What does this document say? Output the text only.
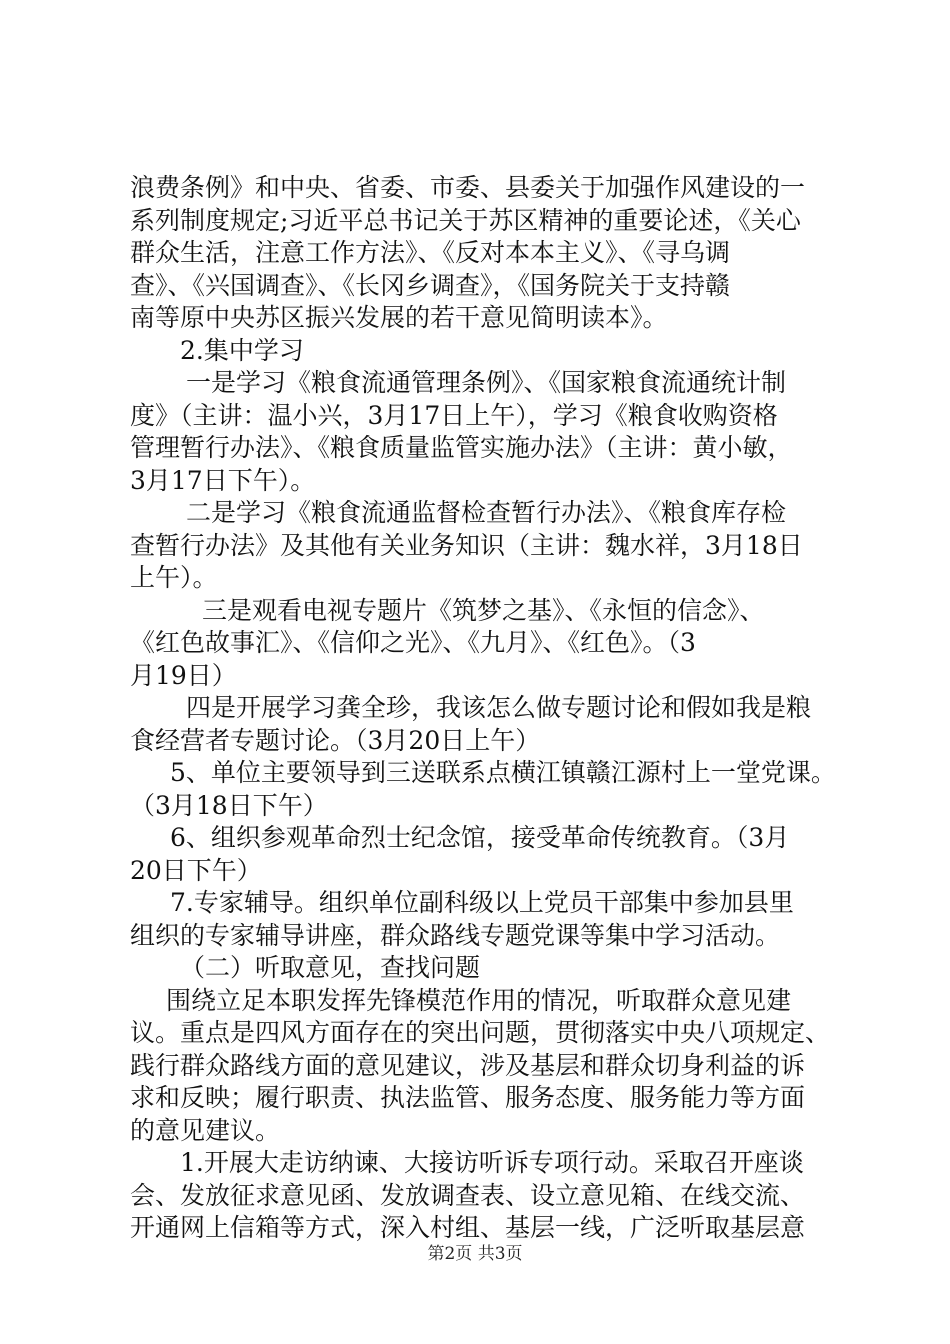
浪费条例》和中央、省委、市委、县委关于加强作风建设的一
系列制度规定;习近平总书记关于苏区精神的重要论述，《关心
群众生活，注意工作方法》、《反对本本主义》、《寻乌调
查》、《兴国调查》、《长冈乡调查》，《国务院关于支持赣
南等原中央苏区振兴发展的若干意见简明读本》。
2.集中学习
一是学习《粮食流通管理条例》、《国家粮食流通统计制
度》（主讲：温小兴，3月17日上午），学习《粮食收购资格
管理暂行办法》、《粮食质量监管实施办法》（主讲：黄小敏，
3月17日下午）。
二是学习《粮食流通监督检查暂行办法》、《粮食库存检
查暂行办法》及其他有关业务知识（主讲：魏水祥，3月18日
上午）。
三是观看电视专题片《筑梦之基》、《永恒的信念》、
《红色故事汇》、《信仰之光》、《九月》、《红色》。（3
月19日）
四是开展学习龚全珍，我该怎么做专题讨论和假如我是粮
食经营者专题讨论。（3月20日上午）
5、单位主要领导到三送联系点横江镇赣江源村上一堂党课。
（3月18日下午）
6、组织参观革命烈士纪念馆，接受革命传统教育。（3月
20日下午）
7.专家辅导。组织单位副科级以上党员干部集中参加县里
组织的专家辅导讲座，群众路线专题党课等集中学习活动。
（二）听取意见，查找问题
围绕立足本职发挥先锋模范作用的情况，听取群众意见建
议。重点是四风方面存在的突出问题，贯彻落实中央八项规定、
践行群众路线方面的意见建议，涉及基层和群众切身利益的诉
求和反映；履行职责、执法监管、服务态度、服务能力等方面
的意见建议。
1.开展大走访纳谏、大接访听诉专项行动。采取召开座谈
会、发放征求意见函、发放调查表、设立意见箱、在线交流、
开通网上信箱等方式，深入村组、基层一线，广泛听取基层意
第2页 共3页
